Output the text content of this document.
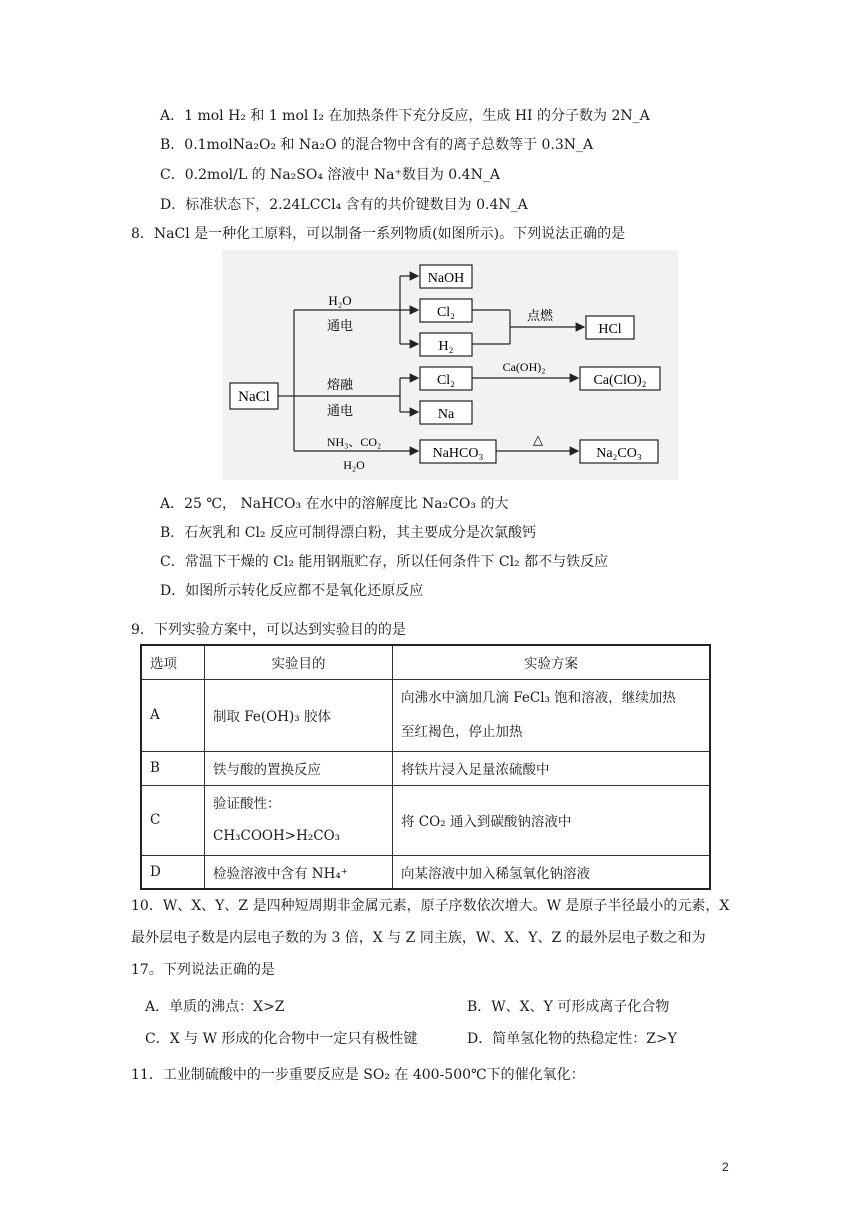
A．1 mol H₂ 和 1 mol I₂ 在加热条件下充分反应，生成 HI 的分子数为 2N_A
B．0.1molNa₂O₂ 和 Na₂O 的混合物中含有的离子总数等于 0.3N_A
C．0.2mol/L 的 Na₂SO₄ 溶液中 Na⁺数目为 0.4N_A
D．标准状态下，2.24LCCl₄ 含有的共价键数目为 0.4N_A
8．NaCl 是一种化工原料，可以制备一系列物质(如图所示)。下列说法正确的是
NaCl
H₂O
通电
NaOH
Cl₂
H₂
点燃
HCl
熔融
通电
Cl₂
Na
Ca(OH)₂
Ca(ClO)₂
NH₃、CO₂
H₂O
NaHCO₃
△
Na₂CO₃
A．25 ℃， NaHCO₃ 在水中的溶解度比 Na₂CO₃ 的大
B．石灰乳和 Cl₂ 反应可制得漂白粉，其主要成分是次氯酸钙
C．常温下干燥的 Cl₂ 能用钢瓶贮存，所以任何条件下 Cl₂ 都不与铁反应
D．如图所示转化反应都不是氧化还原反应
9．下列实验方案中，可以达到实验目的的是
选项	实验目的	实验方案
A	制取 Fe(OH)₃ 胶体	向沸水中滴加几滴 FeCl₃ 饱和溶液，继续加热
至红褐色，停止加热

B	铁与酸的置换反应	将铁片浸入足量浓硫酸中
C	验证酸性：
CH₃COOH>H₂CO₃	将 CO₂ 通入到碳酸钠溶液中
D	检验溶液中含有 NH₄⁺	向某溶液中加入稀氢氧化钠溶液
10．W、X、Y、Z 是四种短周期非金属元素，原子序数依次增大。W 是原子半径最小的元素，X 最外层电子数是内层电子数的为 3 倍，X 与 Z 同主族，W、X、Y、Z 的最外层电子数之和为 17。下列说法正确的是
A．单质的沸点：X>Z	B．W、X、Y 可形成离子化合物
C．X 与 W 形成的化合物中一定只有极性键	D．简单氢化物的热稳定性：Z>Y
11．工业制硫酸中的一步重要反应是 SO₂ 在 400-500℃下的催化氧化：
2
